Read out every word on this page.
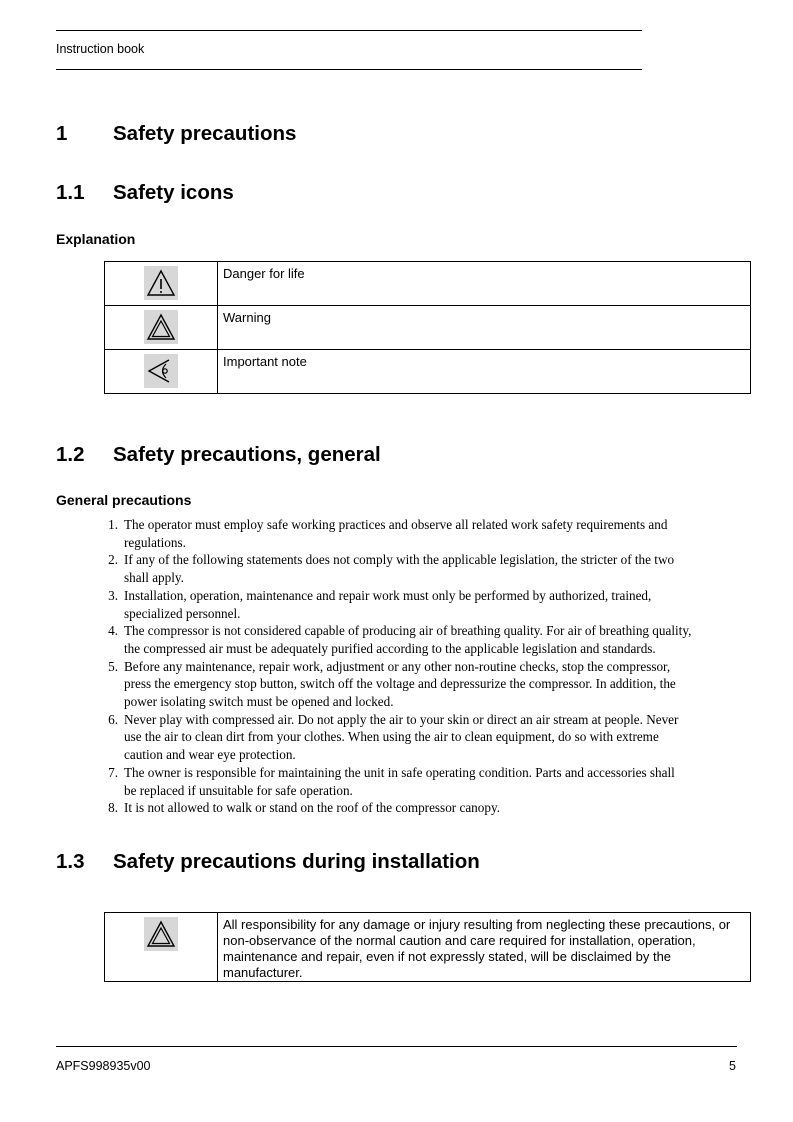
Instruction book
1 Safety precautions
1.1 Safety icons
Explanation
	Danger for life
	Warning
	Important note
1.2 Safety precautions, general
General precautions
1. The operator must employ safe working practices and observe all related work safety requirements and
regulations.
2. If any of the following statements does not comply with the applicable legislation, the stricter of the two
shall apply.
3. Installation, operation, maintenance and repair work must only be performed by authorized, trained,
specialized personnel.
4. The compressor is not considered capable of producing air of breathing quality. For air of breathing quality,
the compressed air must be adequately purified according to the applicable legislation and standards.
5. Before any maintenance, repair work, adjustment or any other non-routine checks, stop the compressor,
press the emergency stop button, switch off the voltage and depressurize the compressor. In addition, the
power isolating switch must be opened and locked.
6. Never play with compressed air. Do not apply the air to your skin or direct an air stream at people. Never
use the air to clean dirt from your clothes. When using the air to clean equipment, do so with extreme
caution and wear eye protection.
7. The owner is responsible for maintaining the unit in safe operating condition. Parts and accessories shall
be replaced if unsuitable for safe operation.
8. It is not allowed to walk or stand on the roof of the compressor canopy.
1.3 Safety precautions during installation

All responsibility for any damage or injury resulting from neglecting these precautions, or
non-observance of the normal caution and care required for installation, operation,
maintenance and repair, even if not expressly stated, will be disclaimed by the
manufacturer.
APFS998935v00	5
